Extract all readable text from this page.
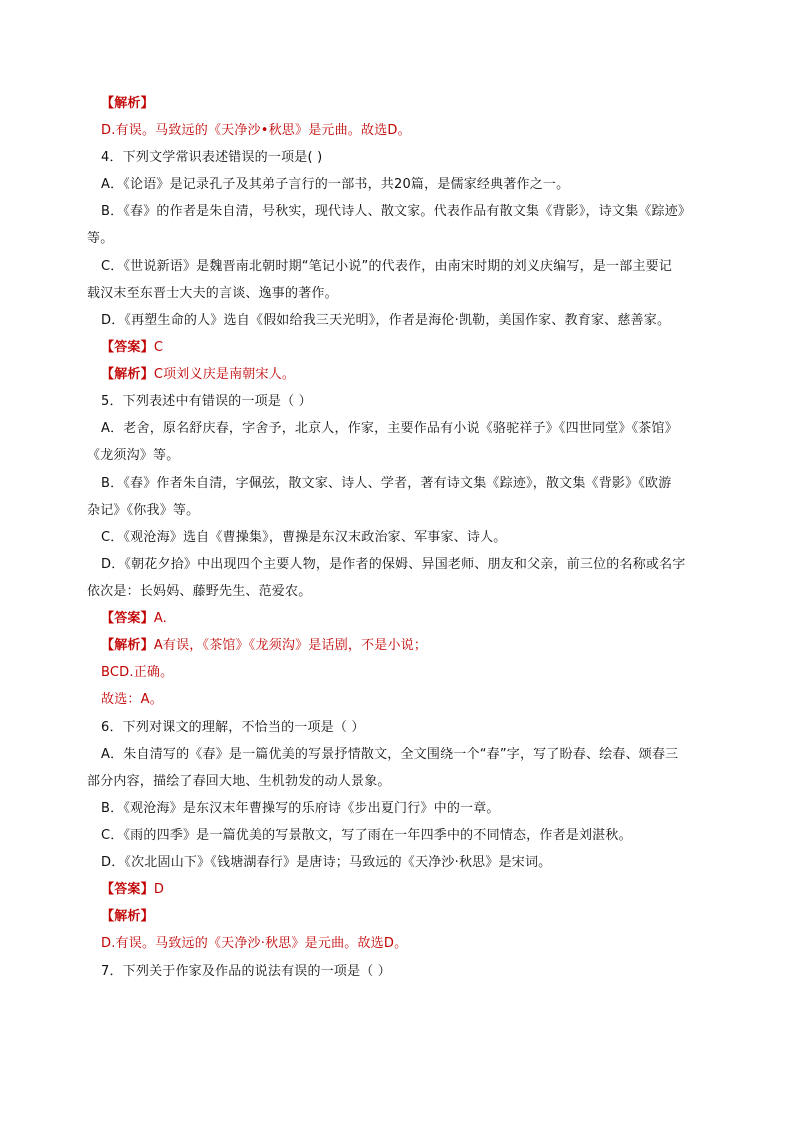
【解析】
D.有误。马致远的《天净沙•秋思》是元曲。故选D。
4．下列文学常识表述错误的一项是( )
A．《论语》是记录孔子及其弟子言行的一部书，共20篇，是儒家经典著作之一。
B．《春》的作者是朱自清，号秋实，现代诗人、散文家。代表作品有散文集《背影》，诗文集《踪迹》
等。
C．《世说新语》是魏晋南北朝时期“笔记小说”的代表作，由南宋时期的刘义庆编写，是一部主要记
载汉末至东晋士大夫的言谈、逸事的著作。
D．《再塑生命的人》选自《假如给我三天光明》，作者是海伦·凯勒，美国作家、教育家、慈善家。
【答案】C
【解析】C项刘义庆是南朝宋人。
5．下列表述中有错误的一项是（ ）
A．老舍，原名舒庆春，字舍予，北京人，作家，主要作品有小说《骆驼祥子》《四世同堂》《茶馆》
《龙须沟》等。
B．《春》作者朱自清，字佩弦，散文家、诗人、学者，著有诗文集《踪迹》，散文集《背影》《欧游
杂记》《你我》等。
C．《观沧海》选自《曹操集》，曹操是东汉末政治家、军事家、诗人。
D．《朝花夕拾》中出现四个主要人物，是作者的保姆、异国老师、朋友和父亲，前三位的名称或名字
依次是：长妈妈、藤野先生、范爱农。
【答案】A.
【解析】A有误，《茶馆》《龙须沟》是话剧，不是小说；
BCD.正确。
故选：A。
6．下列对课文的理解，不恰当的一项是（ ）
A．朱自清写的《春》是一篇优美的写景抒情散文，全文围绕一个“春”字，写了盼春、绘春、颂春三
部分内容，描绘了春回大地、生机勃发的动人景象。
B．《观沧海》是东汉末年曹操写的乐府诗《步出夏门行》中的一章。
C．《雨的四季》是一篇优美的写景散文，写了雨在一年四季中的不同情态，作者是刘湛秋。
D．《次北固山下》《钱塘湖春行》是唐诗；马致远的《天净沙·秋思》是宋词。
【答案】D
【解析】
D.有误。马致远的《天净沙·秋思》是元曲。故选D。
7．下列关于作家及作品的说法有误的一项是（ ）
